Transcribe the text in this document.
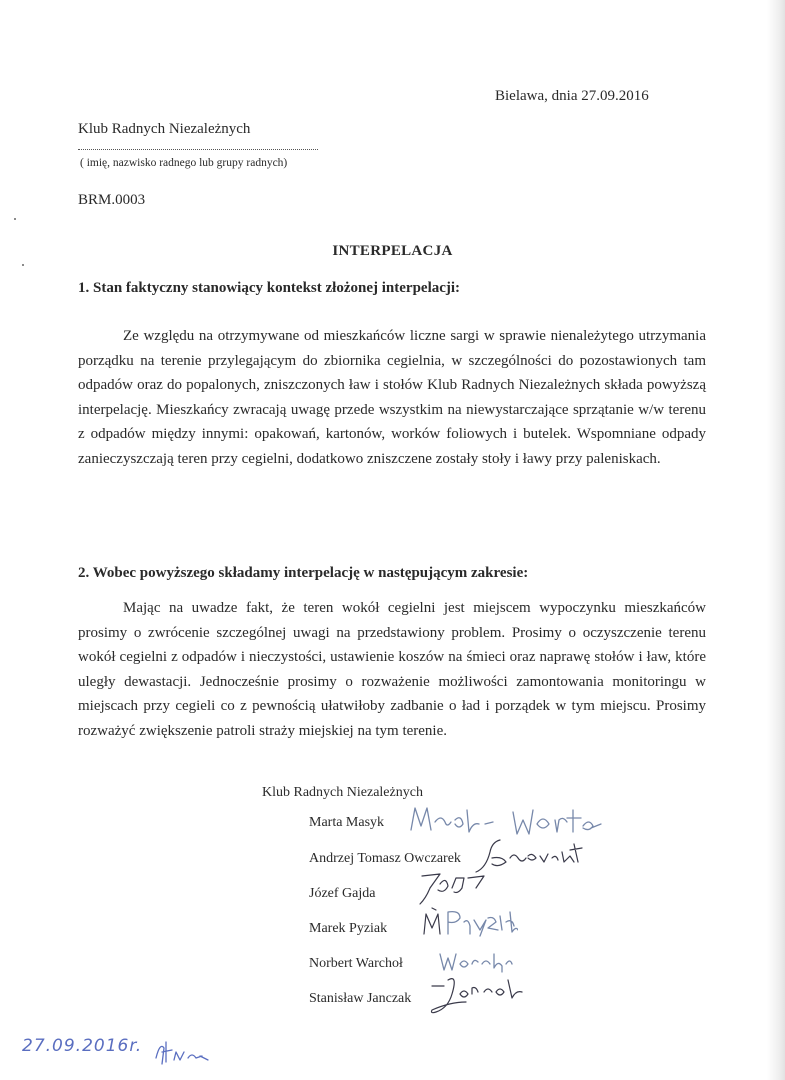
Bielawa, dnia 27.09.2016
Klub Radnych Niezależnych
( imię, nazwisko radnego lub grupy radnych)
BRM.0003
INTERPELACJA
1. Stan faktyczny stanowiący kontekst złożonej interpelacji:
Ze względu na otrzymywane od mieszkańców liczne sargi w sprawie nienależytego utrzymania porządku na terenie przylegającym do zbiornika cegielnia, w szczególności do pozostawionych tam odpadów oraz do popalonych, zniszczonych ław i stołów Klub Radnych Niezależnych składa powyższą interpelację. Mieszkańcy zwracają uwagę przede wszystkim na niewystarczające sprzątanie w/w terenu z odpadów między innymi: opakowań, kartonów, worków foliowych i butelek. Wspomniane odpady zanieczyszczają teren przy cegielni, dodatkowo zniszczene zostały stoły i ławy przy paleniskach.
2. Wobec powyższego składamy interpelację w następującym zakresie:
Mając na uwadze fakt, że teren wokół cegielni jest miejscem wypoczynku mieszkańców prosimy o zwrócenie szczególnej uwagi na przedstawiony problem. Prosimy o oczyszczenie terenu wokół cegielni z odpadów i nieczystości, ustawienie koszów na śmieci oraz naprawę stołów i ław, które uległy dewastacji. Jednocześnie prosimy o rozważenie możliwości zamontowania monitoringu w miejscach przy cegieli co z pewnością ułatwiłoby zadbanie o ład i porządek w tym miejscu. Prosimy rozważyć zwiększenie patroli straży miejskiej na tym terenie.
Klub Radnych Niezależnych
Marta Masyk
Andrzej Tomasz Owczarek
Józef Gajda
Marek Pyziak
Norbert Warchoł
Stanisław Janczak
27.09.2016r.
